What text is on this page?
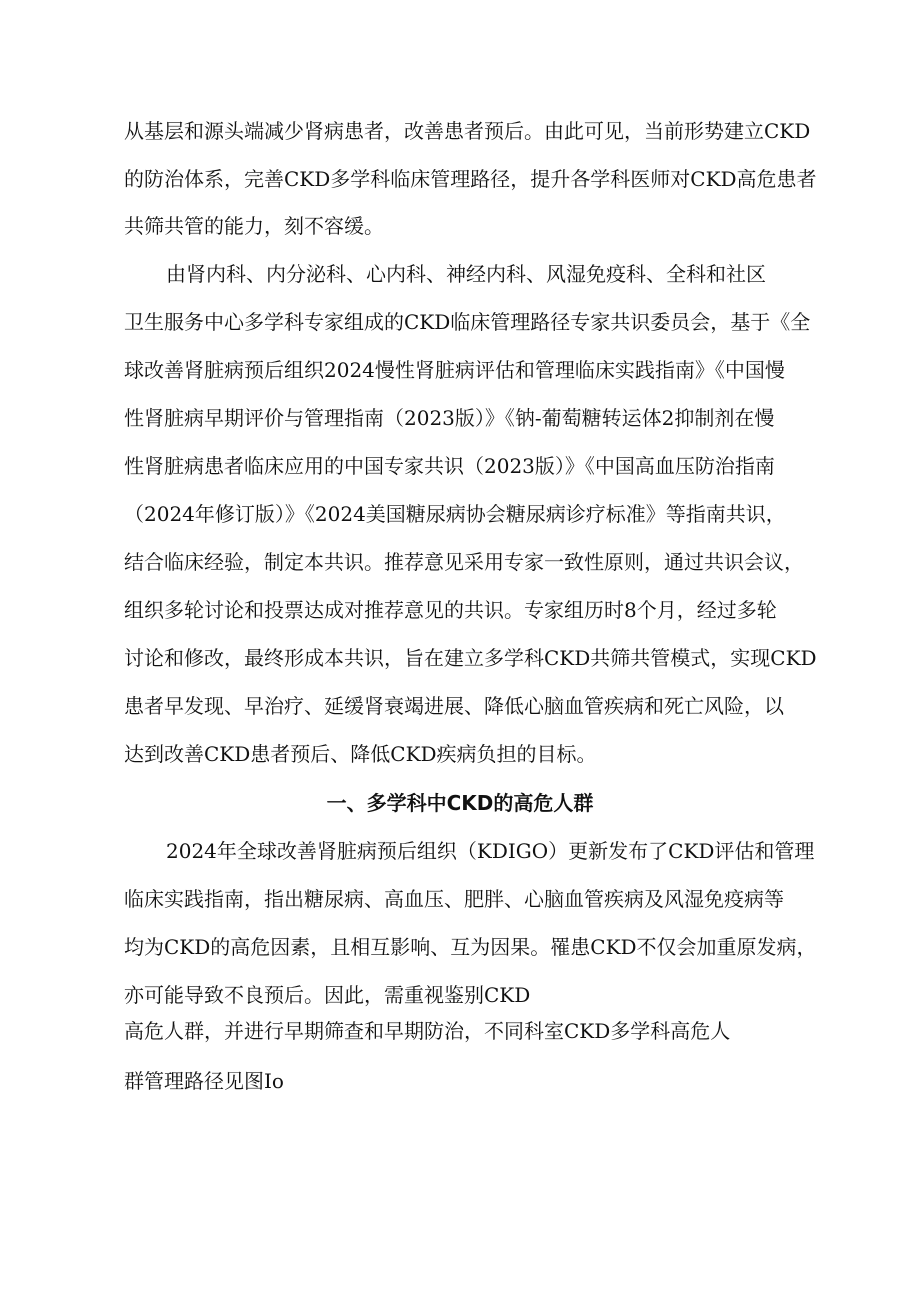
从基层和源头端减少肾病患者，改善患者预后。由此可见，当前形势建立CKD
的防治体系，完善CKD多学科临床管理路径，提升各学科医师对CKD高危患者
共筛共管的能力，刻不容缓。
由肾内科、内分泌科、心内科、神经内科、风湿免疫科、全科和社区
卫生服务中心多学科专家组成的CKD临床管理路径专家共识委员会，基于《全
球改善肾脏病预后组织2024慢性肾脏病评估和管理临床实践指南》《中国慢
性肾脏病早期评价与管理指南（2023版）》《钠-葡萄糖转运体2抑制剂在慢
性肾脏病患者临床应用的中国专家共识（2023版）》《中国高血压防治指南
（2024年修订版）》《2024美国糖尿病协会糖尿病诊疗标准》等指南共识，
结合临床经验，制定本共识。推荐意见采用专家一致性原则，通过共识会议，
组织多轮讨论和投票达成对推荐意见的共识。专家组历时8个月，经过多轮
讨论和修改，最终形成本共识，旨在建立多学科CKD共筛共管模式，实现CKD
患者早发现、早治疗、延缓肾衰竭进展、降低心脑血管疾病和死亡风险，以
达到改善CKD患者预后、降低CKD疾病负担的目标。
一、多学科中CKD的高危人群
2024年全球改善肾脏病预后组织（KDIGO）更新发布了CKD评估和管理
临床实践指南，指出糖尿病、高血压、肥胖、心脑血管疾病及风湿免疫病等
均为CKD的高危因素，且相互影响、互为因果。罹患CKD不仅会加重原发病，
亦可能导致不良预后。因此，需重视鉴别CKD
高危人群，并进行早期筛查和早期防治，不同科室CKD多学科高危人
群管理路径见图Io
